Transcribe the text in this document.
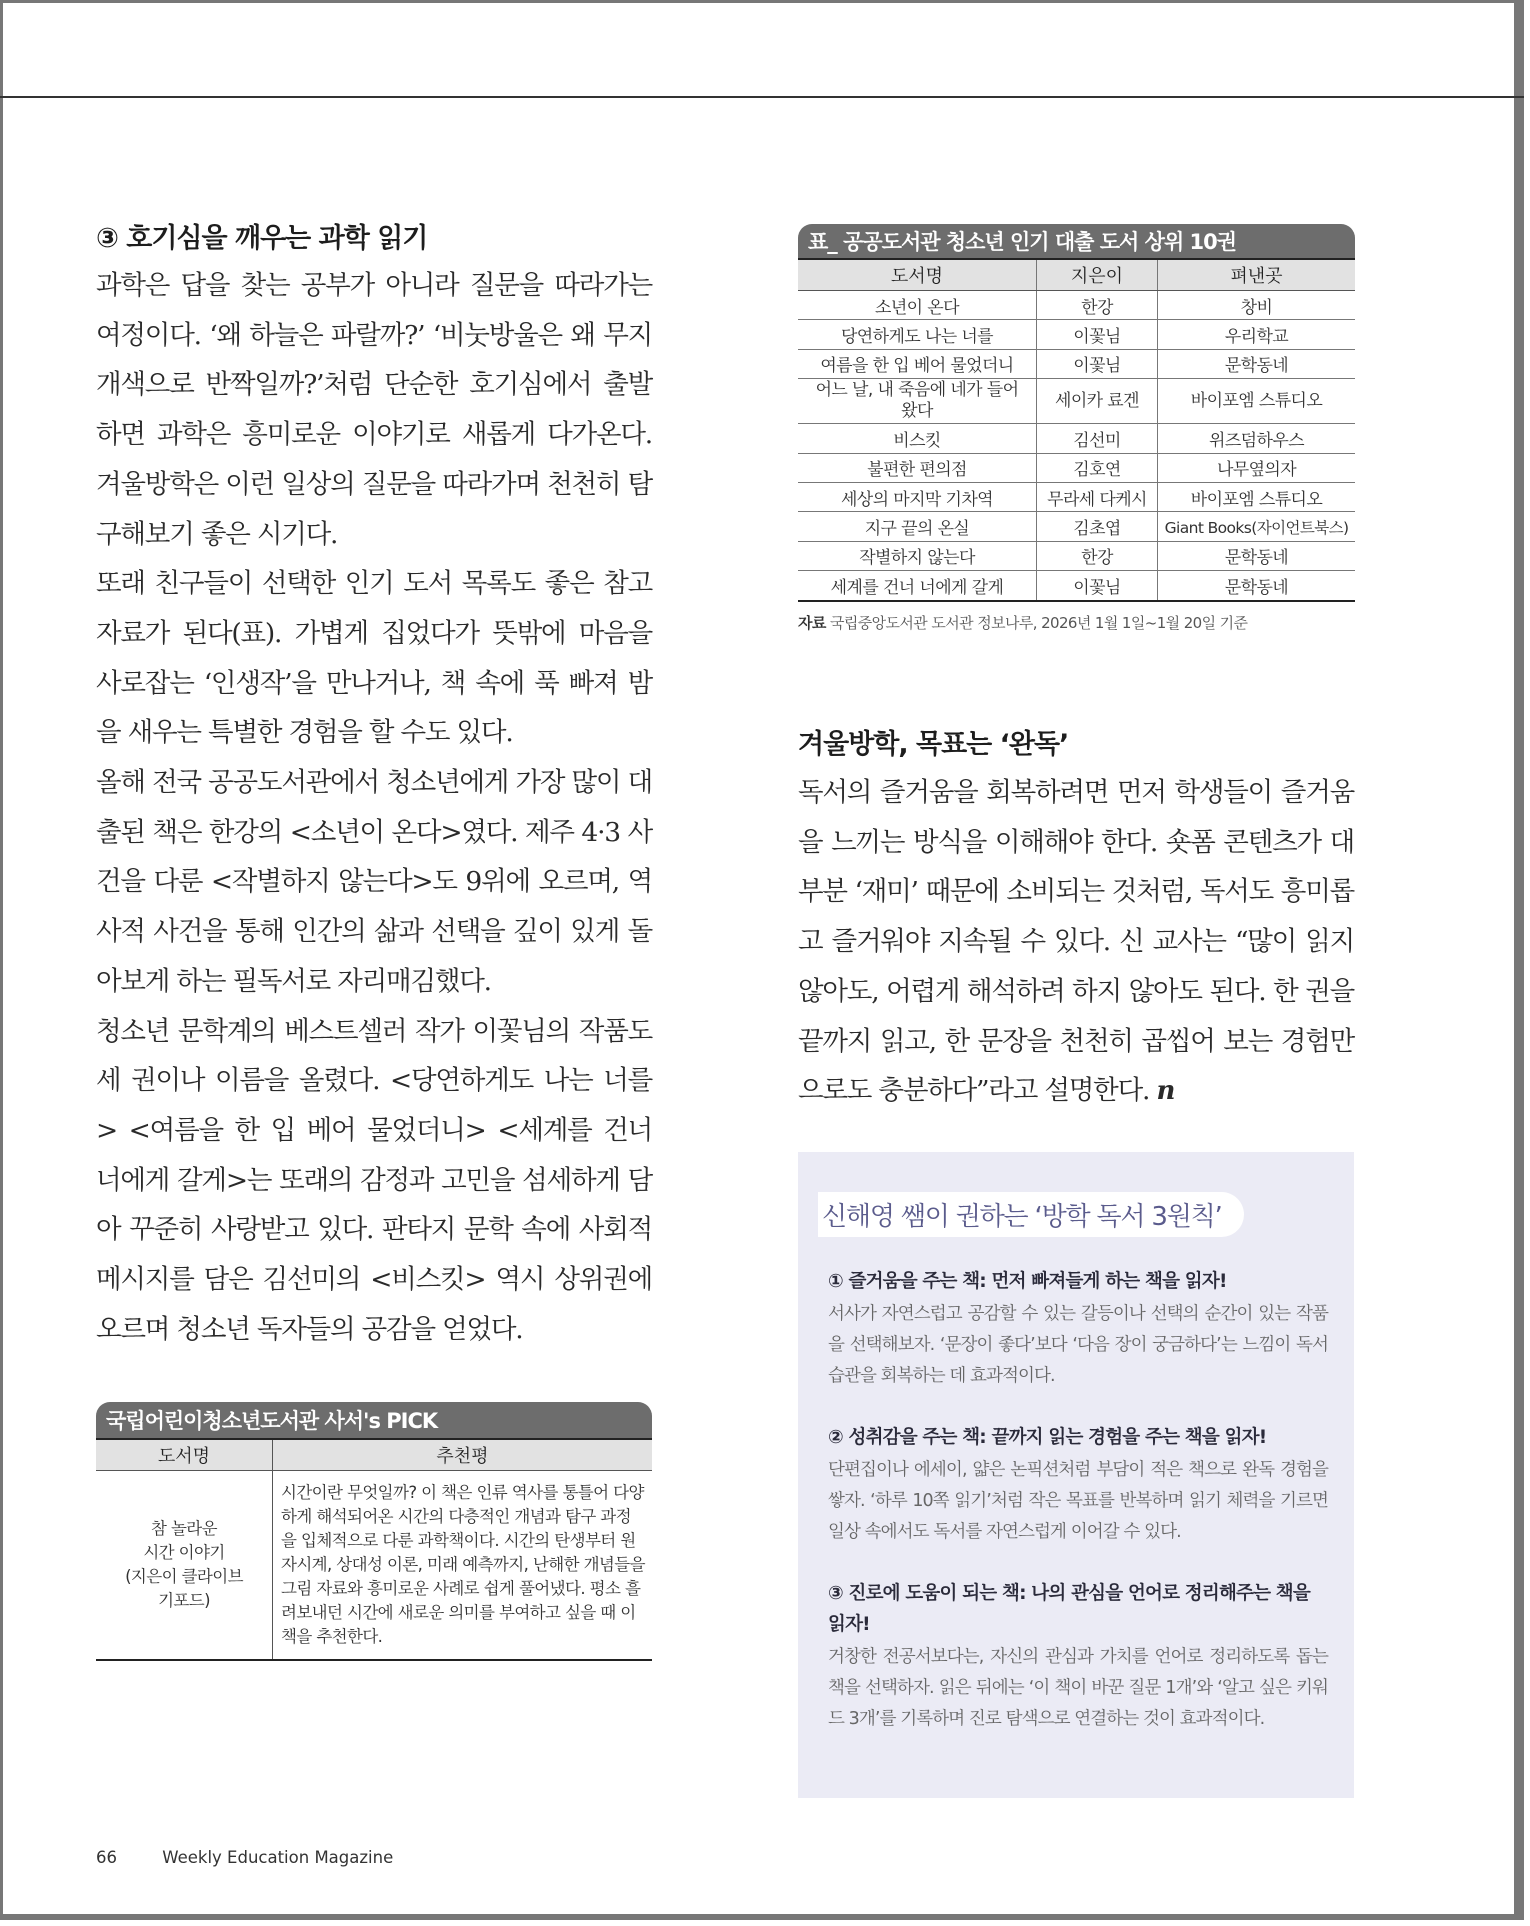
③ 호기심을 깨우는 과학 읽기

과학은 답을 찾는 공부가 아니라 질문을 따라가는 여정이다. ‘왜 하늘은 파랄까?’ ‘비눗방울은 왜 무지개색으로 반짝일까?’처럼 단순한 호기심에서 출발하면 과학은 흥미로운 이야기로 새롭게 다가온다. 겨울방학은 이런 일상의 질문을 따라가며 천천히 탐구해보기 좋은 시기다.

또래 친구들이 선택한 인기 도서 목록도 좋은 참고 자료가 된다(표). 가볍게 집었다가 뜻밖에 마음을 사로잡는 ‘인생작’을 만나거나, 책 속에 푹 빠져 밤을 새우는 특별한 경험을 할 수도 있다.

올해 전국 공공도서관에서 청소년에게 가장 많이 대출된 책은 한강의 <소년이 온다>였다. 제주 4·3 사건을 다룬 <작별하지 않는다>도 9위에 오르며, 역사적 사건을 통해 인간의 삶과 선택을 깊이 있게 돌아보게 하는 필독서로 자리매김했다.

청소년 문학계의 베스트셀러 작가 이꽃님의 작품도 세 권이나 이름을 올렸다. <당연하게도 나는 너를> <여름을 한 입 베어 물었더니> <세계를 건너 너에게 갈게>는 또래의 감정과 고민을 섬세하게 담아 꾸준히 사랑받고 있다. 판타지 문학 속에 사회적 메시지를 담은 김선미의 <비스킷> 역시 상위권에 오르며 청소년 독자들의 공감을 얻었다.

국립어린이청소년도서관 사서's PICK
도서명	추천평

참 놀라운
시간 이야기
(지은이 클라이브
기포드)	시간이란 무엇일까? 이 책은 인류 역사를 통틀어 다양하게 해석되어온 시간의 다층적인 개념과 탐구 과정을 입체적으로 다룬 과학책이다. 시간의 탄생부터 원자시계, 상대성 이론, 미래 예측까지, 난해한 개념들을 그림 자료와 흥미로운 사례로 쉽게 풀어냈다. 평소 흘려보내던 시간에 새로운 의미를 부여하고 싶을 때 이 책을 추천한다.
표_ 공공도서관 청소년 인기 대출 도서 상위 10권
도서명	지은이	펴낸곳
소년이 온다	한강	창비
당연하게도 나는 너를	이꽃님	우리학교
여름을 한 입 베어 물었더니	이꽃님	문학동네
어느 날, 내 죽음에 네가 들어왔다	세이카 료겐	바이포엠 스튜디오
비스킷	김선미	위즈덤하우스
불편한 편의점	김호연	나무옆의자
세상의 마지막 기차역	무라세 다케시	바이포엠 스튜디오
지구 끝의 온실	김초엽	Giant Books(자이언트북스)
작별하지 않는다	한강	문학동네
세계를 건너 너에게 갈게	이꽃님	문학동네
자료 국립중앙도서관 도서관 정보나루, 2026년 1월 1일~1월 20일 기준
겨울방학, 목표는 ‘완독’

독서의 즐거움을 회복하려면 먼저 학생들이 즐거움을 느끼는 방식을 이해해야 한다. 숏폼 콘텐츠가 대부분 ‘재미’ 때문에 소비되는 것처럼, 독서도 흥미롭고 즐거워야 지속될 수 있다. 신 교사는 “많이 읽지 않아도, 어렵게 해석하려 하지 않아도 된다. 한 권을 끝까지 읽고, 한 문장을 천천히 곱씹어 보는 경험만으로도 충분하다”라고 설명한다. n

신해영 쌤이 권하는 ‘방학 독서 3원칙’
① 즐거움을 주는 책: 먼저 빠져들게 하는 책을 읽자!

서사가 자연스럽고 공감할 수 있는 갈등이나 선택의 순간이 있는 작품을 선택해보자. ‘문장이 좋다’보다 ‘다음 장이 궁금하다’는 느낌이 독서 습관을 회복하는 데 효과적이다.

② 성취감을 주는 책: 끝까지 읽는 경험을 주는 책을 읽자!

단편집이나 에세이, 얇은 논픽션처럼 부담이 적은 책으로 완독 경험을 쌓자. ‘하루 10쪽 읽기’처럼 작은 목표를 반복하며 읽기 체력을 기르면 일상 속에서도 독서를 자연스럽게 이어갈 수 있다.

③ 진로에 도움이 되는 책: 나의 관심을 언어로 정리해주는 책을 읽자!

거창한 전공서보다는, 자신의 관심과 가치를 언어로 정리하도록 돕는 책을 선택하자. 읽은 뒤에는 ‘이 책이 바꾼 질문 1개’와 ‘알고 싶은 키워드 3개’를 기록하며 진로 탐색으로 연결하는 것이 효과적이다.

66	Weekly Education Magazine
